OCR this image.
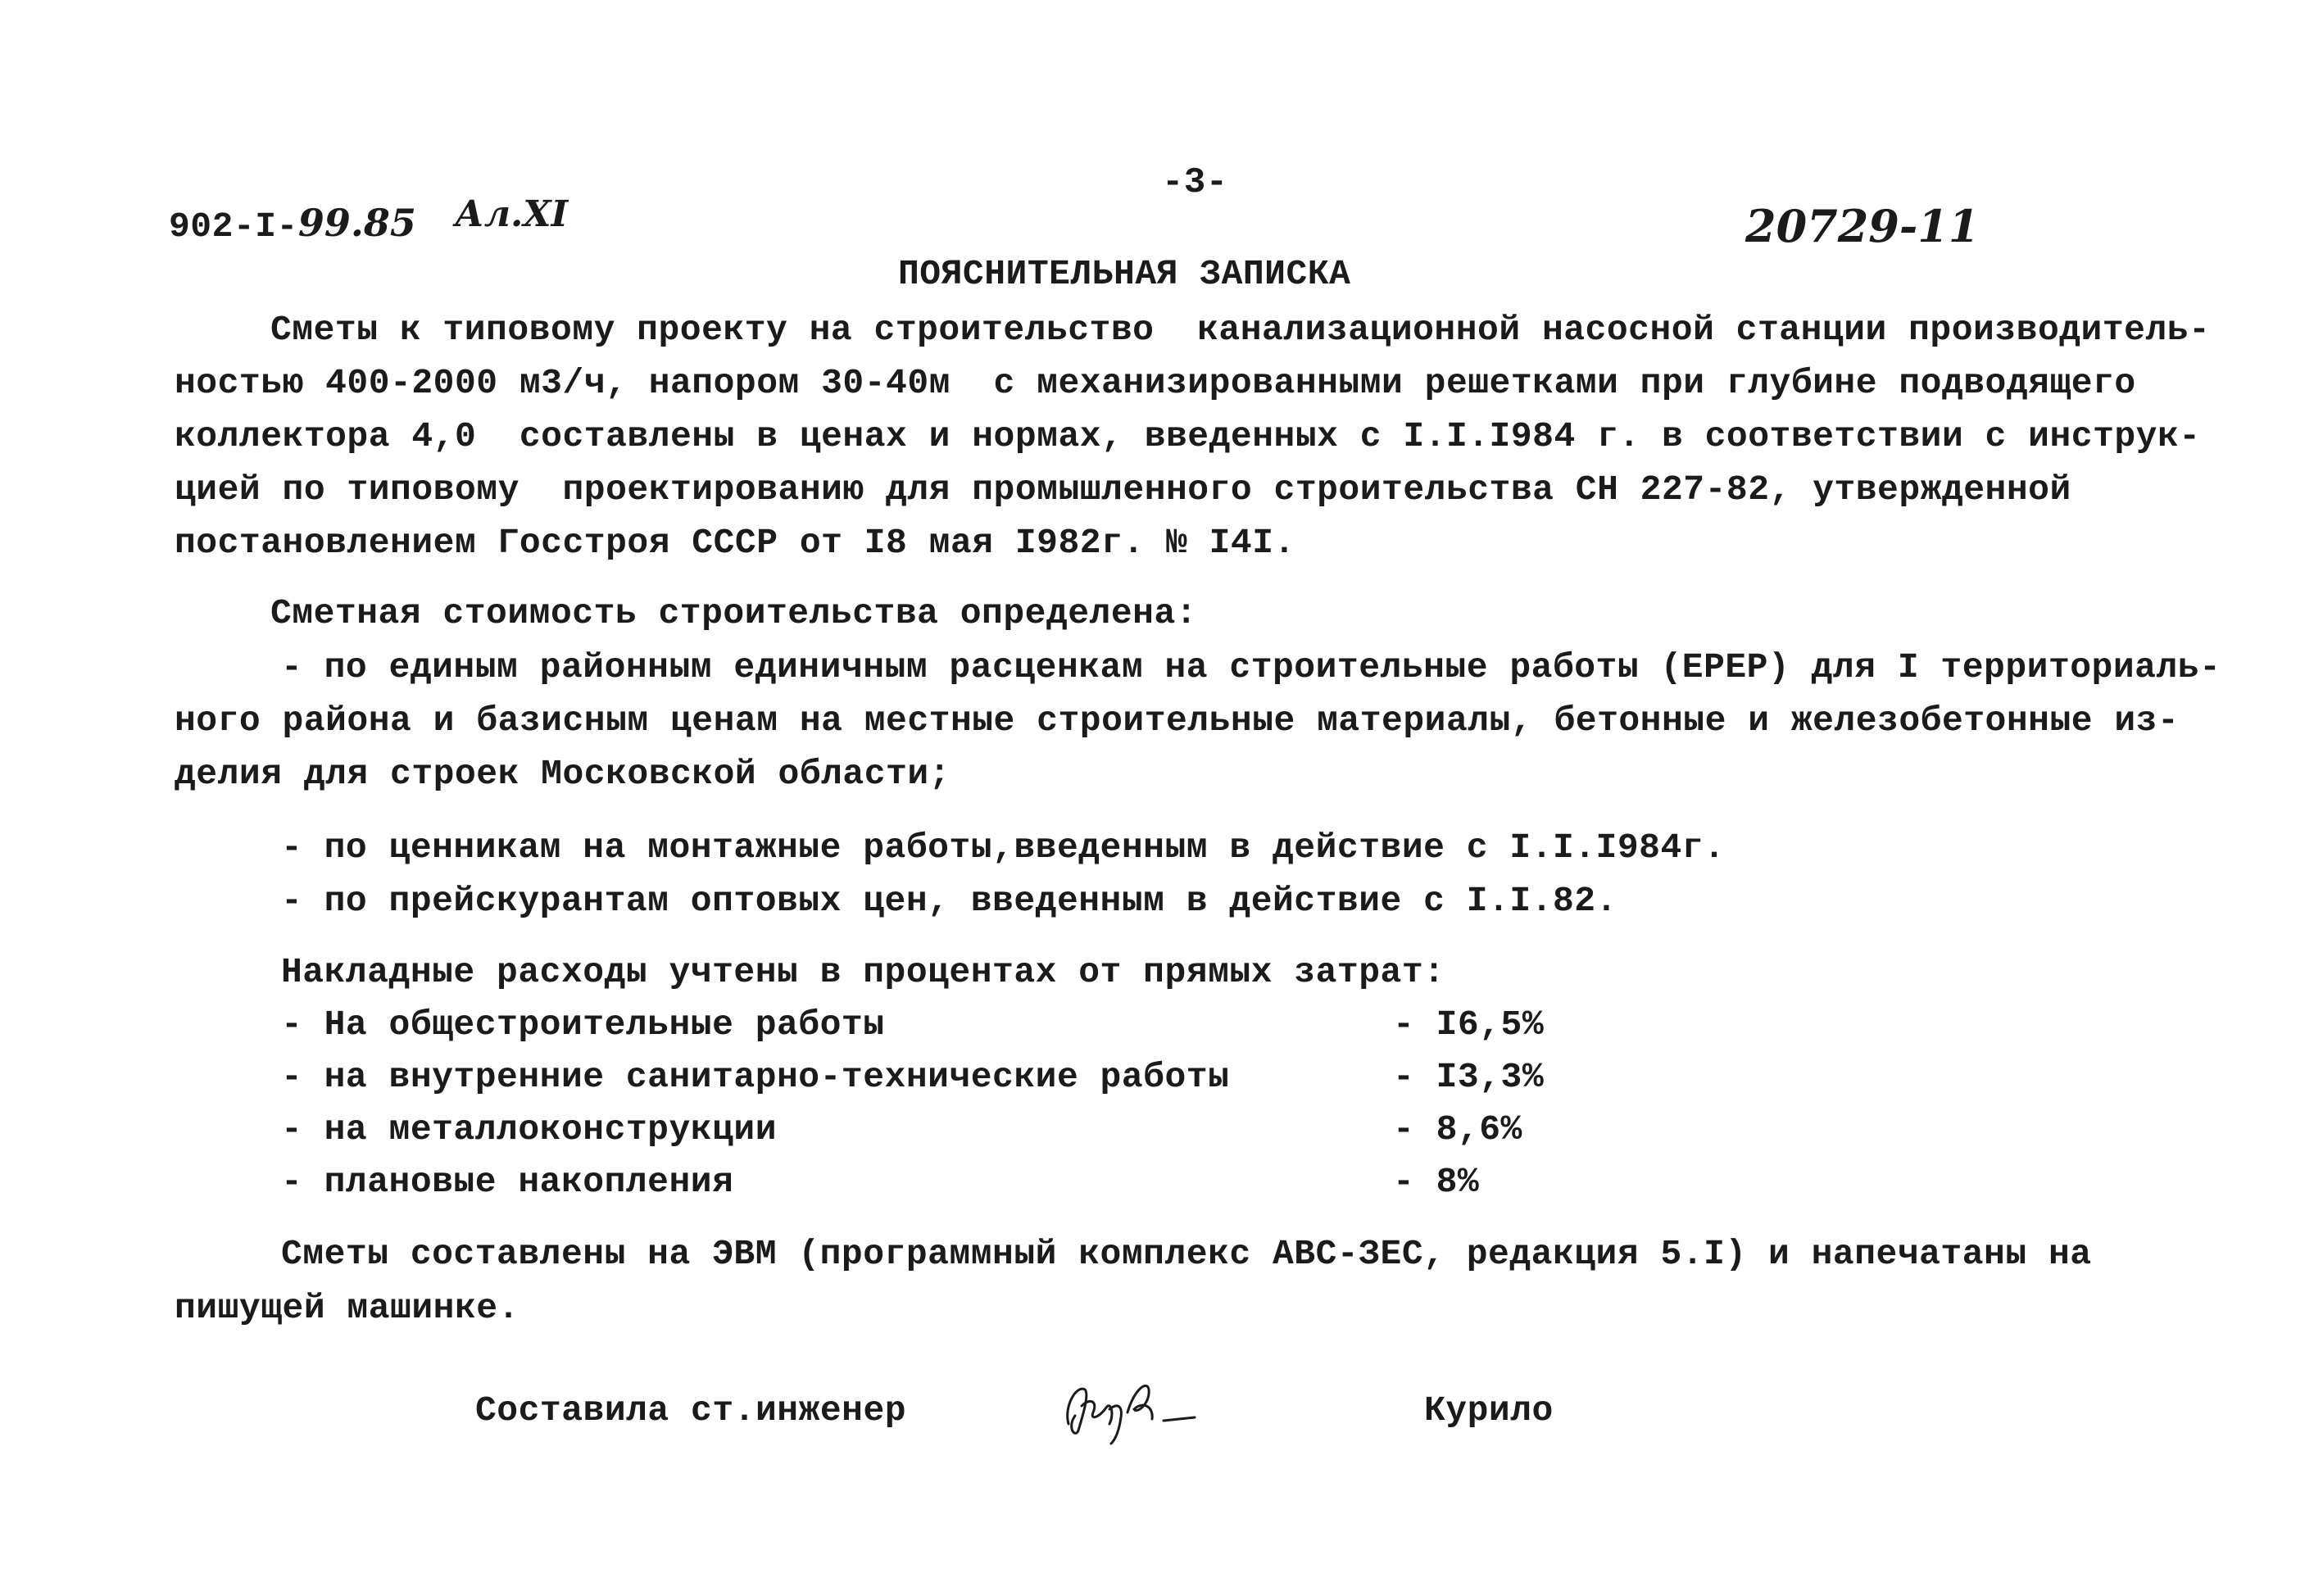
-3-
902-I-99.85 Ал.XI	20729-11
ПОЯСНИТЕЛЬНАЯ ЗАПИСКА
Сметы к типовому проекту на строительство  канализационной насосной станции производитель-
ностью 400-2000 м3/ч, напором 30-40м  с механизированными решетками при глубине подводящего
коллектора 4,0  составлены в ценах и нормах, введенных с I.I.I984 г. в соответствии с инструк-
цией по типовому  проектированию для промышленного строительства СН 227-82, утвержденной
постановлением Госстроя СССР от I8 мая I982г. № I4I.
Сметная стоимость строительства определена:
- по единым районным единичным расценкам на строительные работы (ЕРЕР) для I территориаль-
ного района и базисным ценам на местные строительные материалы, бетонные и железобетонные из-
делия для строек Московской области;
- по ценникам на монтажные работы,введенным в действие с I.I.I984г.
- по прейскурантам оптовых цен, введенным в действие с I.I.82.
Накладные расходы учтены в процентах от прямых затрат:
- На общестроительные работы	- I6,5%
- на внутренние санитарно-технические работы	- I3,3%
- на металлоконструкции	- 8,6%
- плановые накопления	- 8%
Сметы составлены на ЭВМ (программный комплекс АВС-ЗЕС, редакция 5.I) и напечатаны на
пишущей машинке.
Составила ст.инженер	Курило
